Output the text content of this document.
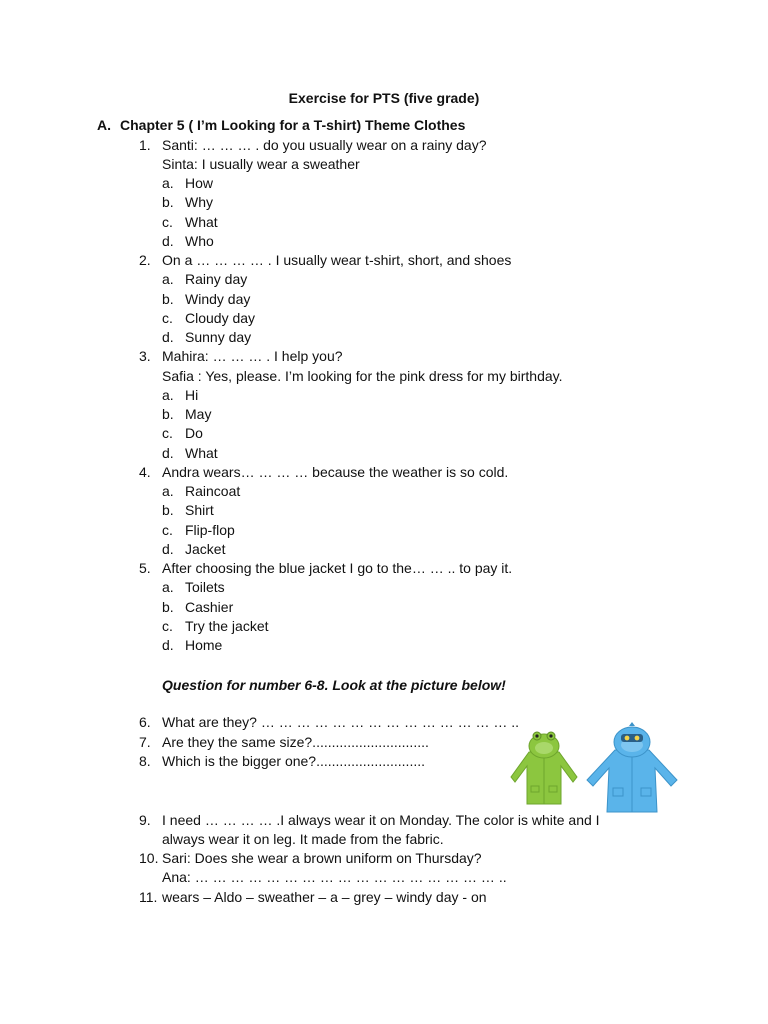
Exercise for PTS (five grade)
A. Chapter 5 ( I’m Looking for a T-shirt) Theme Clothes
1. Santi: … … … . do you usually wear on a rainy day?
Sinta: I usually wear a sweather
a. How
b. Why
c. What
d. Who
2. On a … … … … . I usually wear t-shirt, short, and shoes
a. Rainy day
b. Windy day
c. Cloudy day
d. Sunny day
3. Mahira: … … … . I help you?
Safia : Yes, please. I’m looking for the pink dress for my birthday.
a. Hi
b. May
c. Do
d. What
4. Andra wears… … … … because the weather is so cold.
a. Raincoat
b. Shirt
c. Flip-flop
d. Jacket
5. After choosing the blue jacket I go to the… … .. to pay it.
a. Toilets
b. Cashier
c. Try the jacket
d. Home
Question for number 6-8. Look at the picture below!
6. What are they? … … … … … … … … … … … … … … ..
7. Are they the same size?..............................
8. Which is the bigger one?............................
9. I need … … … … .I always wear it on Monday. The color is white and I
always wear it on leg. It made from the fabric.
10. Sari: Does she wear a brown uniform on Thursday?
Ana: … … … … … … … … … … … … … … … … … ..
11. wears – Aldo – sweather – a – grey – windy day - on
